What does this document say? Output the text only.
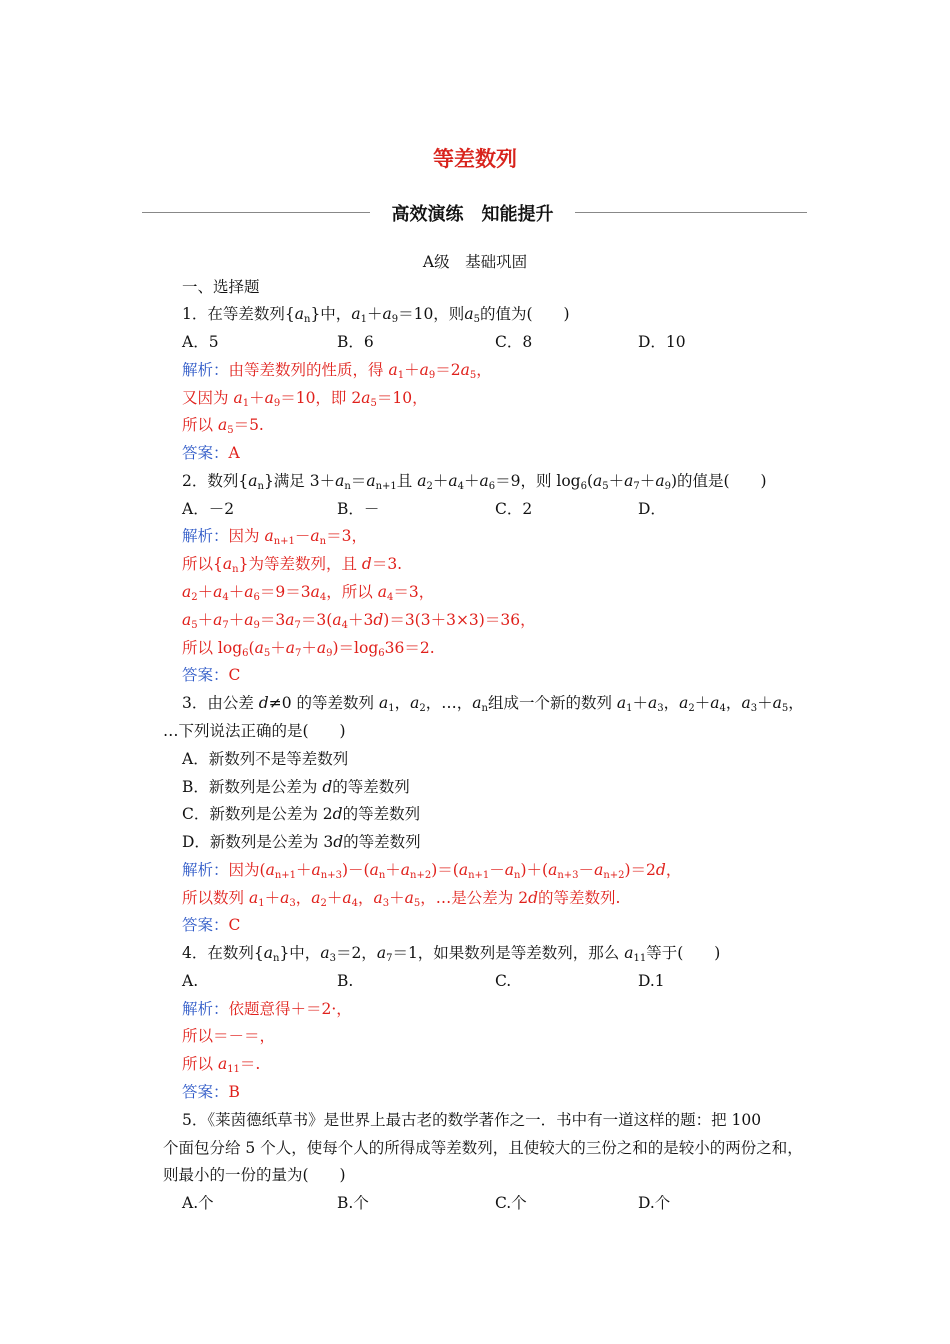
等差数列
高效演练　知能提升
A级　基础巩固
一、选择题
1．在等差数列$\{a_n\}$中，$a_1+a_9=10$，则$a_5$的值为(　　)
A．5	B．6	C．8	D．10
解析：由等差数列的性质，得 $a_1+a_9=2a_5$，
又因为 $a_1+a_9=10$，即 $2a_5=10$，
所以 $a_5=5$.
答案：A
2．数列$\{a_n\}$满足 $3+a_n=a_{n+1}$且 $a_2+a_4+a_6=9$，则 $\log_6(a_5+a_7+a_9)$的值是(　　)
A．－2	B．－	C．2	D．
解析：因为 $a_{n+1}-a_n=3$，
所以$\{a_n\}$为等差数列，且 d＝3.
$a_2+a_4+a_6=9=3a_4$，所以 $a_4=3$，
$a_5+a_7+a_9=3a_7=3(a_4+3d)=3(3+3\times 3)=36$，
所以 $\log_6(a_5+a_7+a_9)=\log_636=2$.
答案：C
3．由公差 d≠0 的等差数列 $a_1$，$a_2$，…，$a_n$组成一个新的数列 $a_1+a_3$，$a_2+a_4$，$a_3+a_5$，
…下列说法正确的是(　　)
A．新数列不是等差数列
B．新数列是公差为 d的等差数列
C．新数列是公差为 2d的等差数列
D．新数列是公差为 3d的等差数列
解析：因为$(a_{n+1}+a_{n+3})-(a_n+a_{n+2})=(a_{n+1}-a_n)+(a_{n+3}-a_{n+2})=2d$，
所以数列 $a_1+a_3$，$a_2+a_4$，$a_3+a_5$，…是公差为 2d的等差数列.
答案：C
4．在数列$\{a_n\}$中，$a_3=2$，$a_7=1$，如果数列是等差数列，那么 $a_{11}$等于(　　)
A.	B.	C.	D.1
解析：依题意得＋＝2·，
所以＝－＝，
所以 $a_{11}=$.
答案：B
5．《莱茵德纸草书》是世界上最古老的数学著作之一．书中有一道这样的题：把 100
个面包分给 5 个人，使每个人的所得成等差数列，且使较大的三份之和的是较小的两份之和，
则最小的一份的量为(　　)
A.个	B.个	C.个	D.个
